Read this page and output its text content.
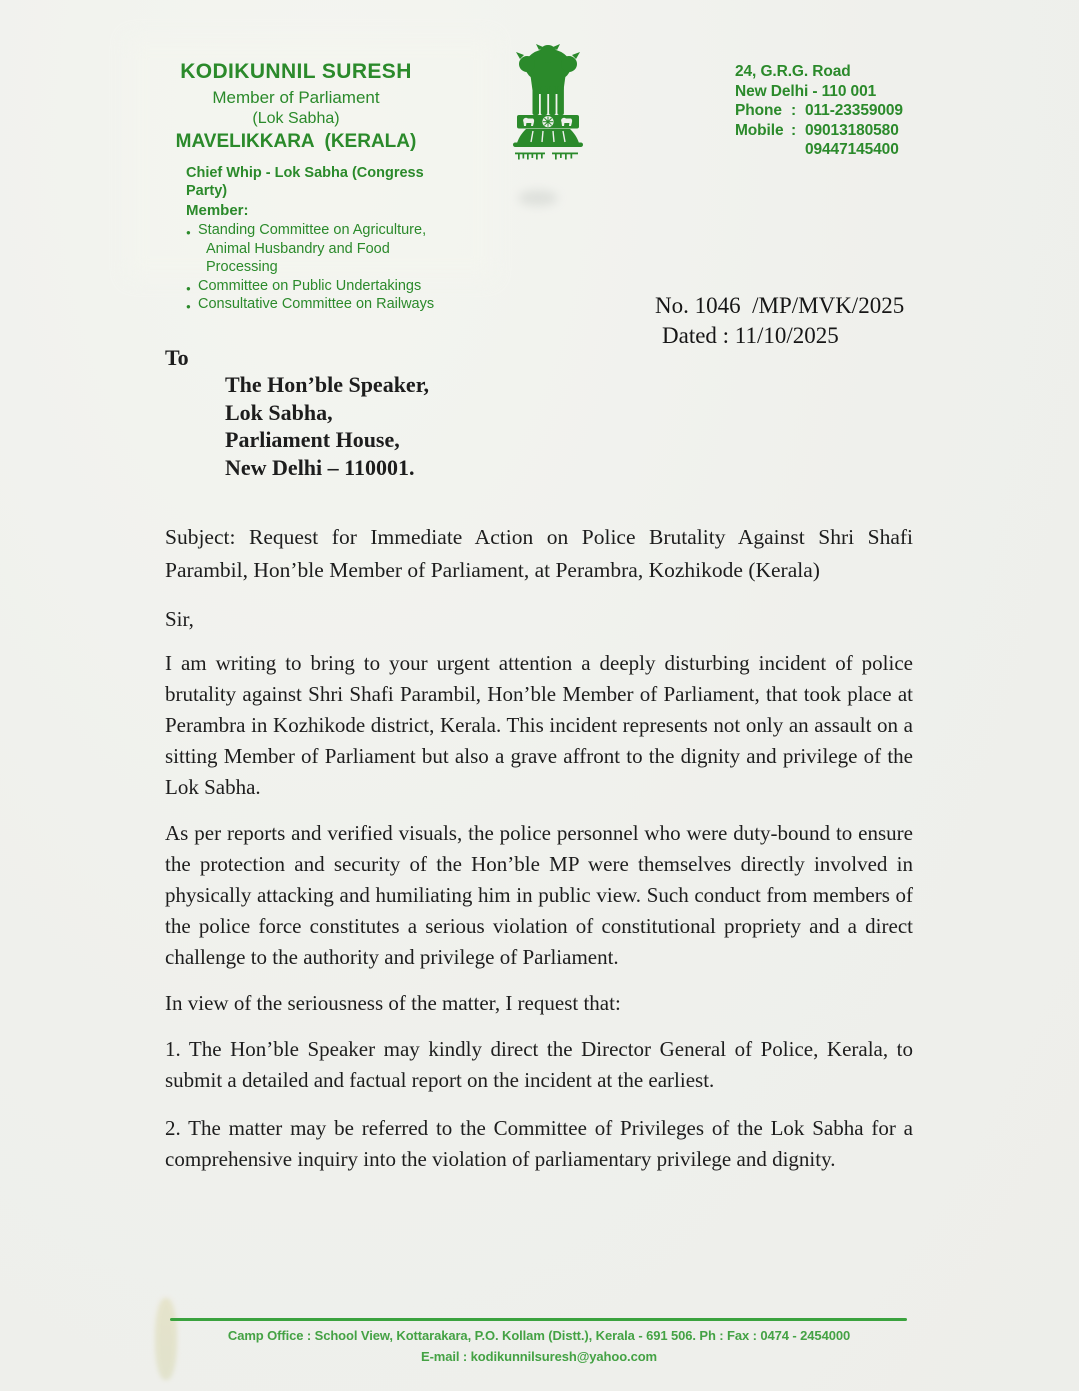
KODIKUNNIL SURESH
Member of Parliament
(Lok Sabha)
MAVELIKKARA  (KERALA)
Chief Whip - Lok Sabha (Congress Party)
Member:
● Standing Committee on Agriculture,
Animal Husbandry and Food Processing
● Committee on Public Undertakings
● Consultative Committee on Railways
24, G.R.G. Road
New Delhi - 110 001
Phone : 011-23359009
Mobile : 09013180580
09447145400
No. 1046  /MP/MVK/2025
Dated : 11/10/2025
To
The Hon’ble Speaker,
Lok Sabha,
Parliament House,
New Delhi – 110001.
Subject: Request for Immediate Action on Police Brutality Against Shri Shafi Parambil, Hon’ble Member of Parliament, at Perambra, Kozhikode (Kerala)
Sir,
I am writing to bring to your urgent attention a deeply disturbing incident of police brutality against Shri Shafi Parambil, Hon’ble Member of Parliament, that took place at Perambra in Kozhikode district, Kerala. This incident represents not only an assault on a sitting Member of Parliament but also a grave affront to the dignity and privilege of the Lok Sabha.
As per reports and verified visuals, the police personnel who were duty-bound to ensure the protection and security of the Hon’ble MP were themselves directly involved in physically attacking and humiliating him in public view. Such conduct from members of the police force constitutes a serious violation of constitutional propriety and a direct challenge to the authority and privilege of Parliament.
In view of the seriousness of the matter, I request that:
1. The Hon’ble Speaker may kindly direct the Director General of Police, Kerala, to submit a detailed and factual report on the incident at the earliest.
2. The matter may be referred to the Committee of Privileges of the Lok Sabha for a comprehensive inquiry into the violation of parliamentary privilege and dignity.
Camp Office : School View, Kottarakara, P.O. Kollam (Distt.), Kerala - 691 506. Ph : Fax : 0474 - 2454000
E-mail : kodikunnilsuresh@yahoo.com
